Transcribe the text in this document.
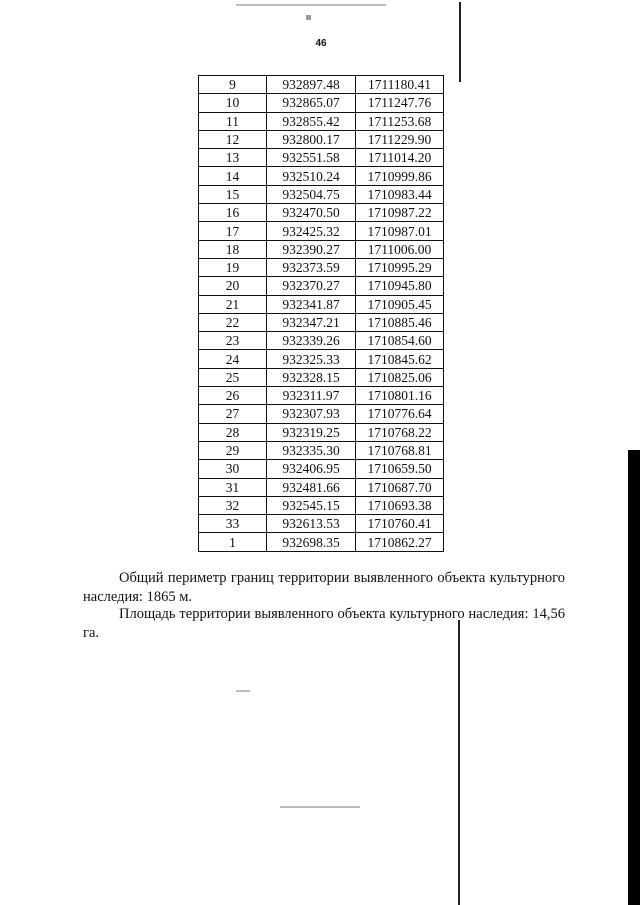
46
9	932897.48	1711180.41
10	932865.07	1711247.76
11	932855.42	1711253.68
12	932800.17	1711229.90
13	932551.58	1711014.20
14	932510.24	1710999.86
15	932504.75	1710983.44
16	932470.50	1710987.22
17	932425.32	1710987.01
18	932390.27	1711006.00
19	932373.59	1710995.29
20	932370.27	1710945.80
21	932341.87	1710905.45
22	932347.21	1710885.46
23	932339.26	1710854.60
24	932325.33	1710845.62
25	932328.15	1710825.06
26	932311.97	1710801.16
27	932307.93	1710776.64
28	932319.25	1710768.22
29	932335.30	1710768.81
30	932406.95	1710659.50
31	932481.66	1710687.70
32	932545.15	1710693.38
33	932613.53	1710760.41
1	932698.35	1710862.27

Общий периметр границ территории выявленного объекта культурного наследия: 1865 м.

Площадь территории выявленного объекта культурного наследия: 14,56 га.
